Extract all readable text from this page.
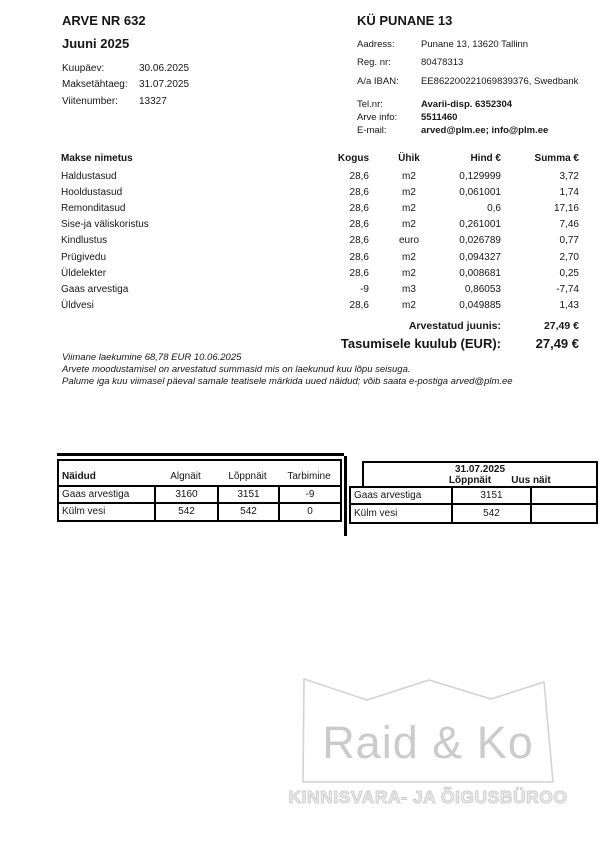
ARVE NR 632
Juuni 2025
Kuupäev:	30.06.2025
Maksetähtaeg:	31.07.2025
Viitenumber:	13327
KÜ PUNANE 13
Aadress:	Punane 13, 13620 Tallinn
Reg. nr:	80478313
A/a IBAN:	EE862200221069839376, Swedbank
Tel.nr:	Avarii-disp. 6352304
Arve info:	5511460
E-mail:	arved@plm.ee; info@plm.ee
Makse nimetus	Kogus	Ühik	Hind €	Summa €
Haldustasud	28,6	m2	0,129999	3,72
Hooldustasud	28,6	m2	0,061001	1,74
Remonditasud	28,6	m2	0,6	17,16
Sise-ja väliskoristus	28,6	m2	0,261001	7,46
Kindlustus	28,6	euro	0,026789	0,77
Prügivedu	28,6	m2	0,094327	2,70
Üldelekter	28,6	m2	0,008681	0,25
Gaas arvestiga	-9	m3	0,86053	-7,74
Üldvesi	28,6	m2	0,049885	1,43
Arvestatud juunis:	27,49 €
Tasumisele kuulub (EUR):	27,49 €
Viimane laekumine 68,78 EUR 10.06.2025
Arvete moodustamisel on arvestatud summasid mis on laekunud kuu lõpu seisuga.
Palume iga kuu viimasel päeval samale teatisele märkida uued näidud; võib saata e-postiga arved@plm.ee
Näidud	Algnäit	Lõppnäit	Tarbimine
Gaas arvestiga	3160	3151	-9
Külm vesi	542	542	0
31.07.2025
Lõppnäit Uus näit
Gaas arvestiga	3151
Külm vesi	542
Raid & Ko
KINNISVARA- JA ÕIGUSBÜROO
